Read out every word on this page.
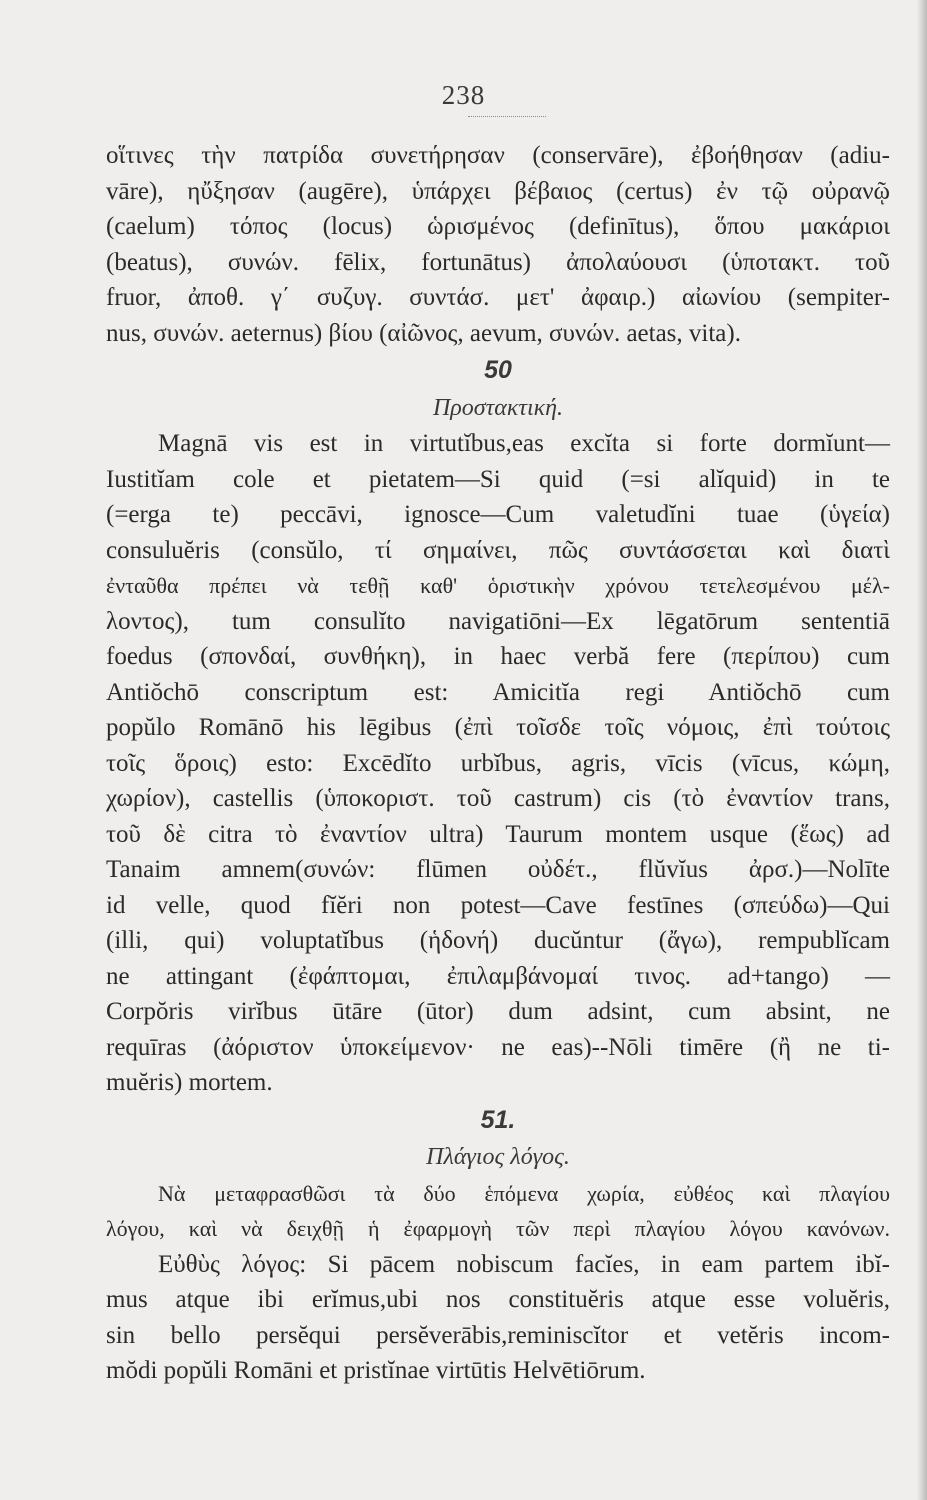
238
οἵτινες τὴν πατρίδα συνετήρησαν (conservāre), ἐβοήθησαν (adiu-
vāre), ηὔξησαν (augēre), ὑπάρχει βέβαιος (certus) ἐν τῷ οὐρανῷ
(caelum) τόπος (locus) ὡρισμένος (definītus), ὅπου μακάριοι
(beatus), συνών. fēlix, fortunātus) ἀπολαύουσι (ὑποτακτ. τοῦ
fruor, ἀποθ. γ΄ συζυγ. συντάσ. μετ' ἀφαιρ.) αἰωνίου (sempiter-
nus, συνών. aeternus) βίου (αἰῶνος, aevum, συνών. aetas, vita).
50
Προστακτική.
Magnā vis est in virtutĭbus,eas excĭta si forte dormĭunt—
Iustitĭam cole et pietatem—Si quid (=si alĭquid) in te
(=erga te) peccāvi, ignosce—Cum valetudĭni tuae (ὑγεία)
consuluĕris (consŭlo, τί σημαίνει, πῶς συντάσσεται καὶ διατὶ
ἐνταῦθα πρέπει νὰ τεθῇ καθ' ὁριστικὴν χρόνου τετελεσμένου μέλ-
λοντος), tum consulĭto navigatiōni—Ex lēgatōrum sententiā
foedus (σπονδαί, συνθήκη), in haec verbă fere (περίπου) cum
Antiŏchō conscriptum est: Amicitĭa regi Antiŏchō cum
popŭlo Romānō his lēgibus (ἐπὶ τοῖσδε τοῖς νόμοις, ἐπὶ τούτοις
τοῖς ὅροις) esto: Excēdĭto urbĭbus, agris, vīcis (vīcus, κώμη,
χωρίον), castellis (ὑποκοριστ. τοῦ castrum) cis (τὸ ἐναντίον trans,
τοῦ δὲ citra τὸ ἐναντίον ultra) Taurum montem usque (ἕως) ad
Tanaim amnem(συνών: flūmen οὐδέτ., flŭvĭus ἀρσ.)—Nolīte
id velle, quod fĭĕri non potest—Cave festīnes (σπεύδω)—Qui
(illi, qui) voluptatĭbus (ἡδονή) ducŭntur (ἄγω), rempublĭcam
ne attingant (ἐφάπτομαι, ἐπιλαμβάνομαί τινος. ad+tango) —
Corpŏris virĭbus ūtāre (ūtor) dum adsint, cum absint, ne
requīras (ἀόριστον ὑποκείμενον· ne eas)--Nōli timēre (ἢ ne ti-
muĕris) mortem.
51.
Πλάγιος λόγος.
Νὰ μεταφρασθῶσι τὰ δύο ἑπόμενα χωρία, εὐθέος καὶ πλαγίου
λόγου, καὶ νὰ δειχθῇ ἡ ἐφαρμογὴ τῶν περὶ πλαγίου λόγου κανόνων.
Εὐθὺς λόγος: Si pācem nobiscum facĭes, in eam partem ibĭ-
mus atque ibi erĭmus,ubi nos constituĕris atque esse voluĕris,
sin bello persĕqui persĕverābis,reminiscĭtor et vetĕris incom-
mŏdi popŭli Romāni et pristĭnae virtūtis Helvētiōrum.
